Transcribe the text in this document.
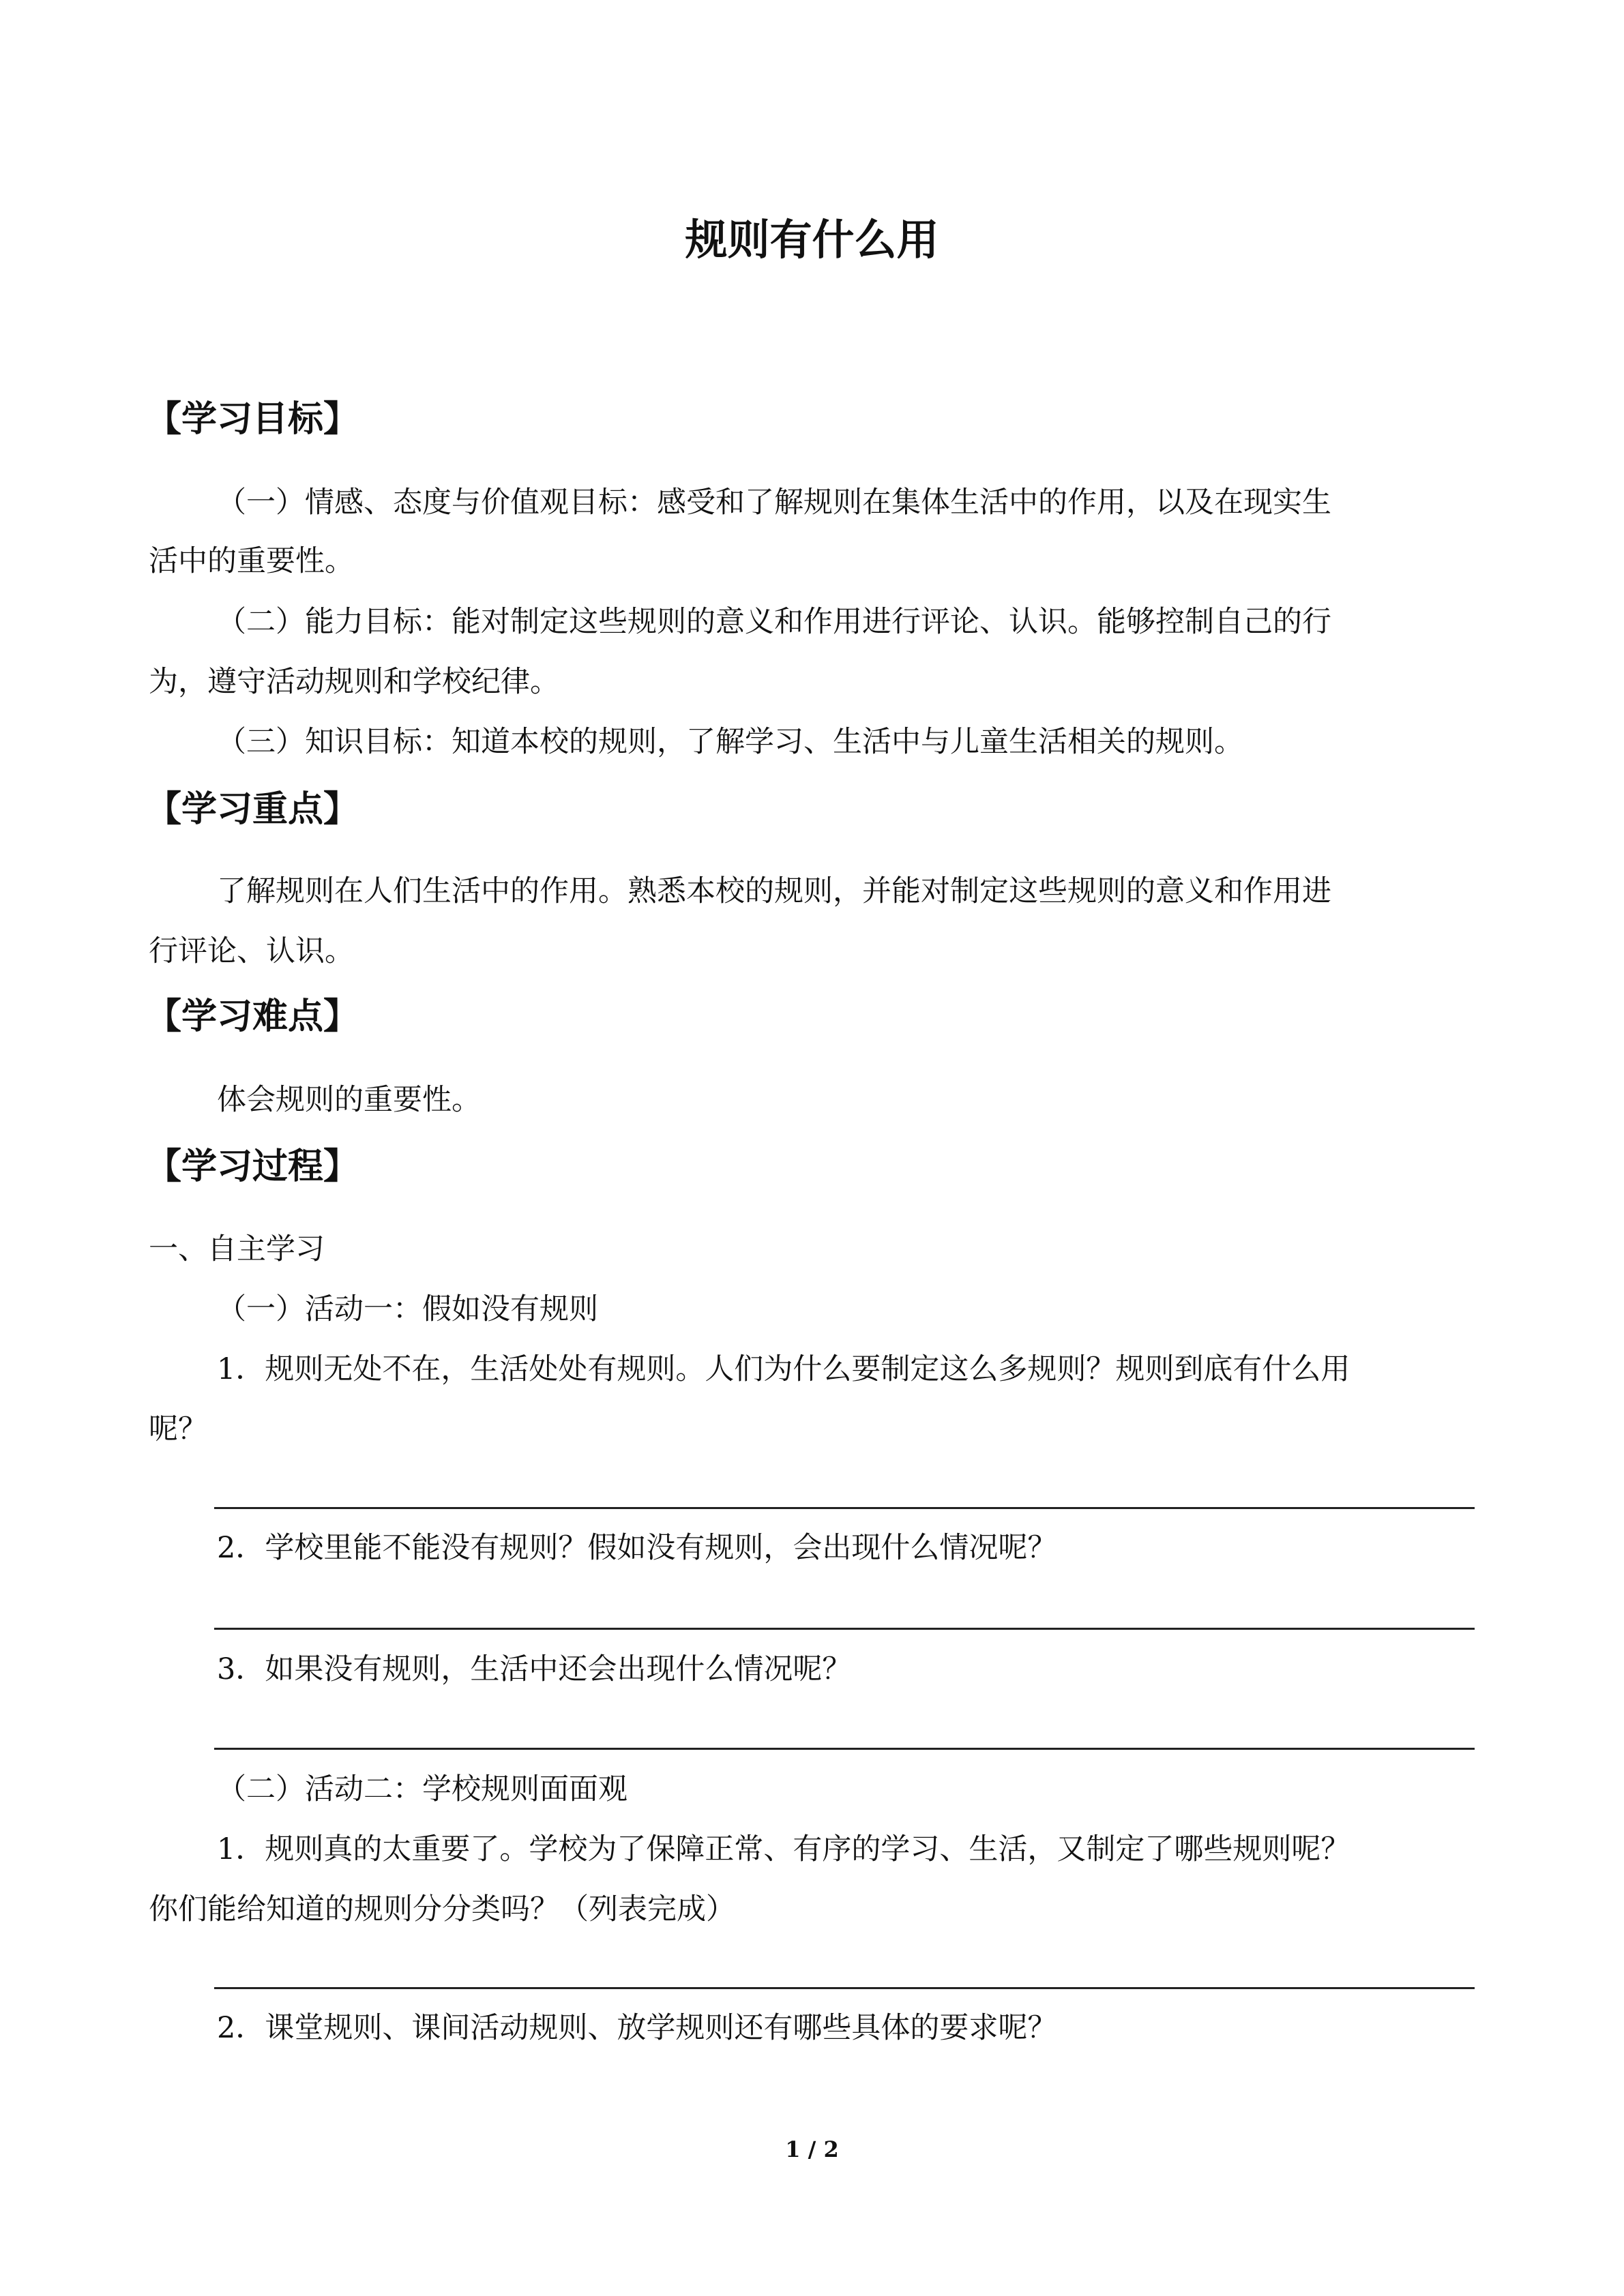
规则有什么用
【学习目标】
（一）情感、态度与价值观目标：感受和了解规则在集体生活中的作用，以及在现实生
活中的重要性。
（二）能力目标：能对制定这些规则的意义和作用进行评论、认识。能够控制自己的行
为，遵守活动规则和学校纪律。
（三）知识目标：知道本校的规则，了解学习、生活中与儿童生活相关的规则。
【学习重点】
了解规则在人们生活中的作用。熟悉本校的规则，并能对制定这些规则的意义和作用进
行评论、认识。
【学习难点】
体会规则的重要性。
【学习过程】
一、自主学习
（一）活动一：假如没有规则
1．规则无处不在，生活处处有规则。人们为什么要制定这么多规则？规则到底有什么用
呢？
2．学校里能不能没有规则？假如没有规则，会出现什么情况呢？
3．如果没有规则，生活中还会出现什么情况呢？
（二）活动二：学校规则面面观
1．规则真的太重要了。学校为了保障正常、有序的学习、生活，又制定了哪些规则呢？
你们能给知道的规则分分类吗？（列表完成）
2．课堂规则、课间活动规则、放学规则还有哪些具体的要求呢？
1 / 2
